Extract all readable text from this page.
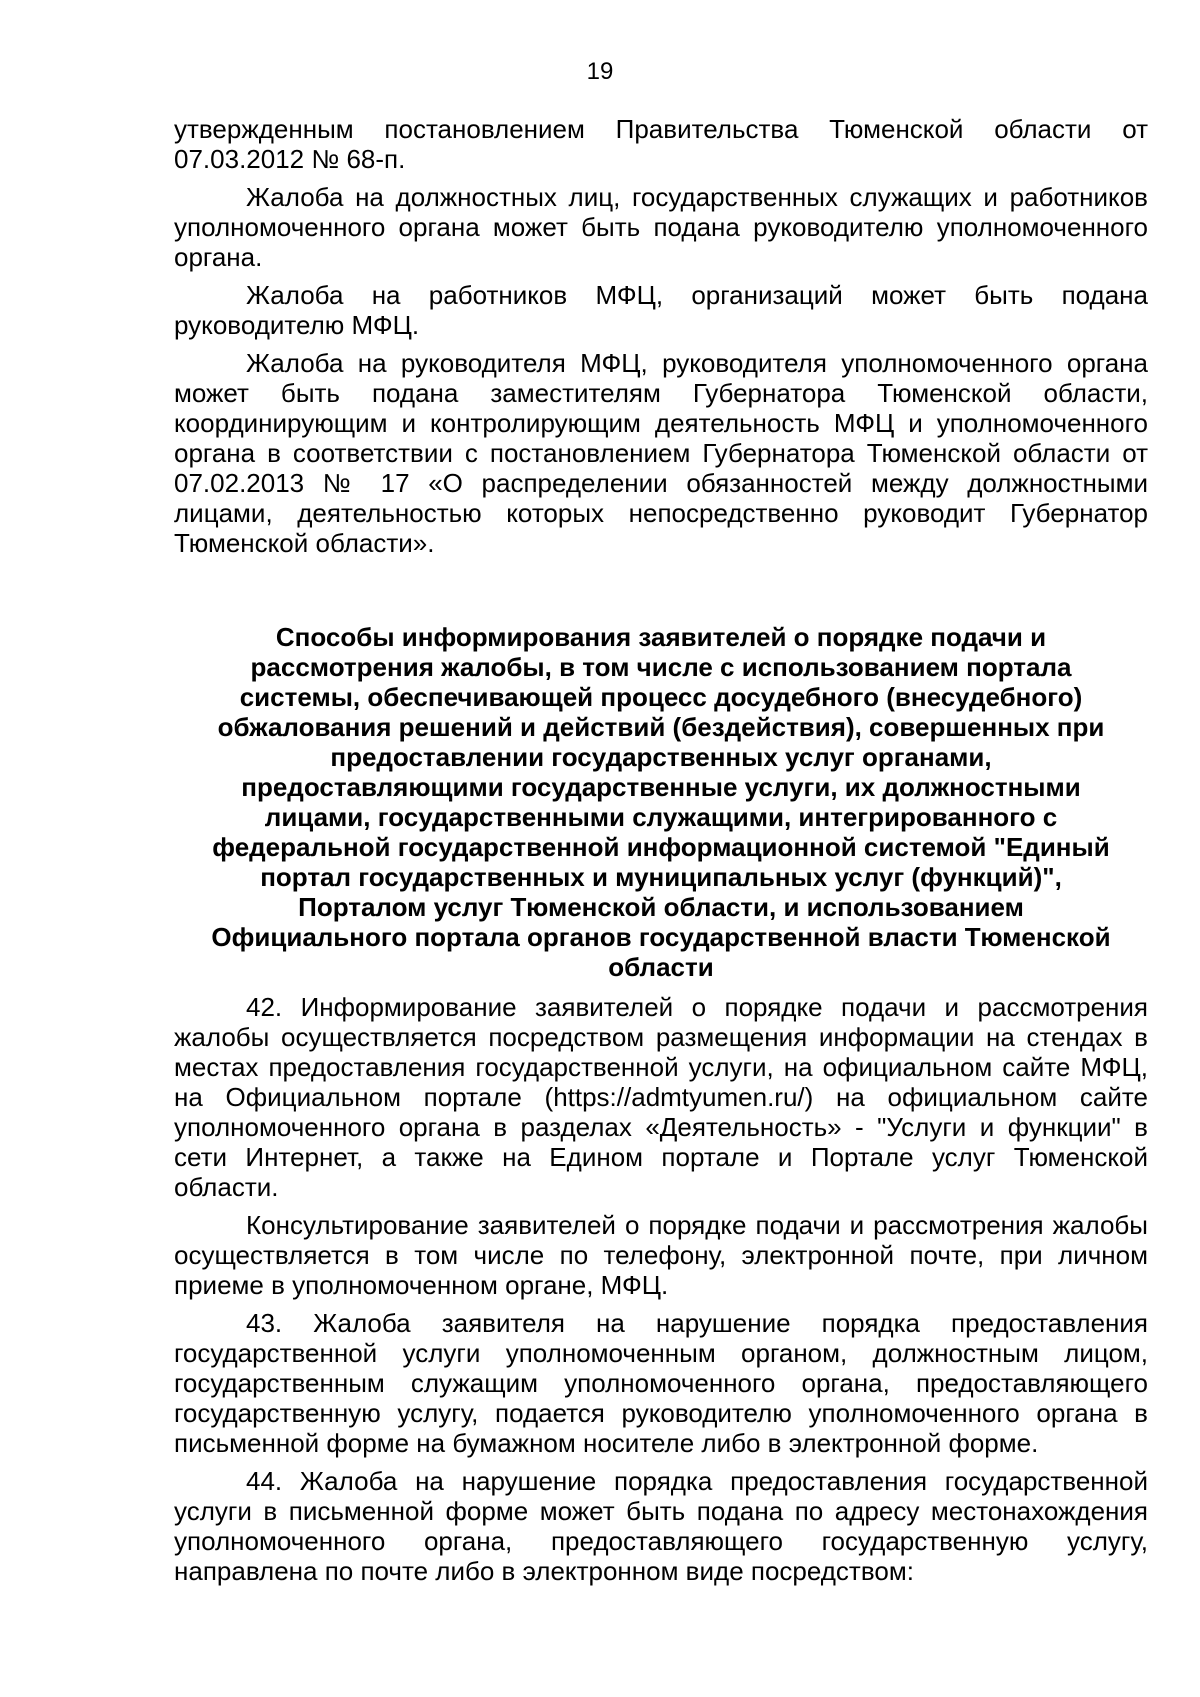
19

утвержденным постановлением Правительства Тюменской области от 07.03.2012 № 68-п.

Жалоба на должностных лиц, государственных служащих и работников уполномоченного органа может быть подана руководителю уполномоченного органа.

Жалоба на работников МФЦ, организаций может быть подана руководителю МФЦ.

Жалоба на руководителя МФЦ, руководителя уполномоченного органа может быть подана заместителям Губернатора Тюменской области, координирующим и контролирующим деятельность МФЦ и уполномоченного органа в соответствии с постановлением Губернатора Тюменской области от 07.02.2013 № 17 «О распределении обязанностей между должностными лицами, деятельностью которых непосредственно руководит Губернатор Тюменской области».

Способы информирования заявителей о порядке подачи и рассмотрения жалобы, в том числе с использованием портала системы, обеспечивающей процесс досудебного (внесудебного) обжалования решений и действий (бездействия), совершенных при предоставлении государственных услуг органами, предоставляющими государственные услуги, их должностными лицами, государственными служащими, интегрированного с федеральной государственной информационной системой "Единый портал государственных и муниципальных услуг (функций)", Порталом услуг Тюменской области, и использованием Официального портала органов государственной власти Тюменской области

42. Информирование заявителей о порядке подачи и рассмотрения жалобы осуществляется посредством размещения информации на стендах в местах предоставления государственной услуги, на официальном сайте МФЦ, на Официальном портале (https://admtyumen.ru/) на официальном сайте уполномоченного органа в разделах «Деятельность» - "Услуги и функции" в сети Интернет, а также на Едином портале и Портале услуг Тюменской области.

Консультирование заявителей о порядке подачи и рассмотрения жалобы осуществляется в том числе по телефону, электронной почте, при личном приеме в уполномоченном органе, МФЦ.

43. Жалоба заявителя на нарушение порядка предоставления государственной услуги уполномоченным органом, должностным лицом, государственным служащим уполномоченного органа, предоставляющего государственную услугу, подается руководителю уполномоченного органа в письменной форме на бумажном носителе либо в электронной форме.

44. Жалоба на нарушение порядка предоставления государственной услуги в письменной форме может быть подана по адресу местонахождения уполномоченного органа, предоставляющего государственную услугу, направлена по почте либо в электронном виде посредством:
